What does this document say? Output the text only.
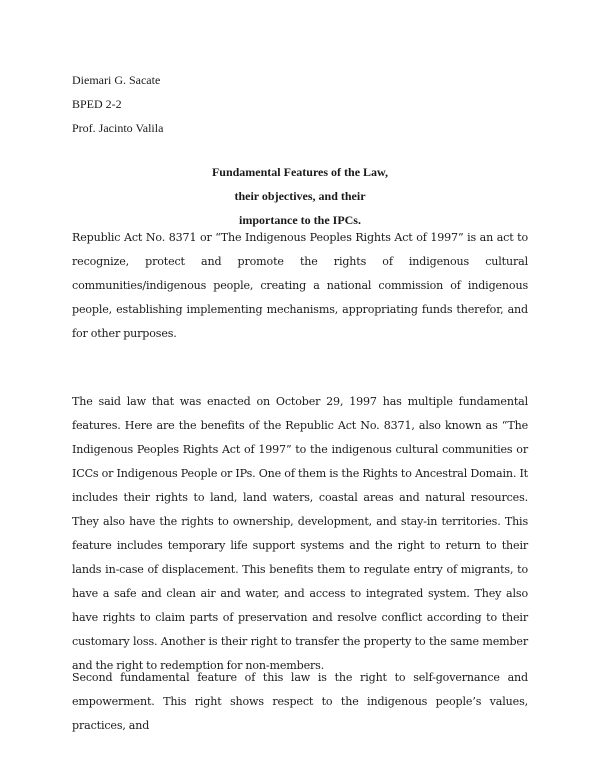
Diemari G. Sacate
BPED 2-2
Prof. Jacinto Valila
Fundamental Features of the Law,
their objectives, and their
importance to the IPCs.

Republic Act No. 8371 or “The Indigenous Peoples Rights Act of 1997” is an act to recognize, protect and promote the rights of indigenous cultural communities/indigenous people, creating a national commission of indigenous people, establishing implementing mechanisms, appropriating funds therefor, and for other purposes.

The said law that was enacted on October 29, 1997 has multiple fundamental features. Here are the benefits of the Republic Act No. 8371, also known as “The Indigenous Peoples Rights Act of 1997” to the indigenous cultural communities or ICCs or Indigenous People or IPs. One of them is the Rights to Ancestral Domain. It includes their rights to land, land waters, coastal areas and natural resources. They also have the rights to ownership, development, and stay-in territories. This feature includes temporary life support systems and the right to return to their lands in-case of displacement. This benefits them to regulate entry of migrants, to have a safe and clean air and water, and access to integrated system. They also have rights to claim parts of preservation and resolve conflict according to their customary loss. Another is their right to transfer the property to the same member and the right to redemption for non-members.

Second fundamental feature of this law is the right to self-governance and empowerment. This right shows respect to the indigenous people’s values, practices, and
